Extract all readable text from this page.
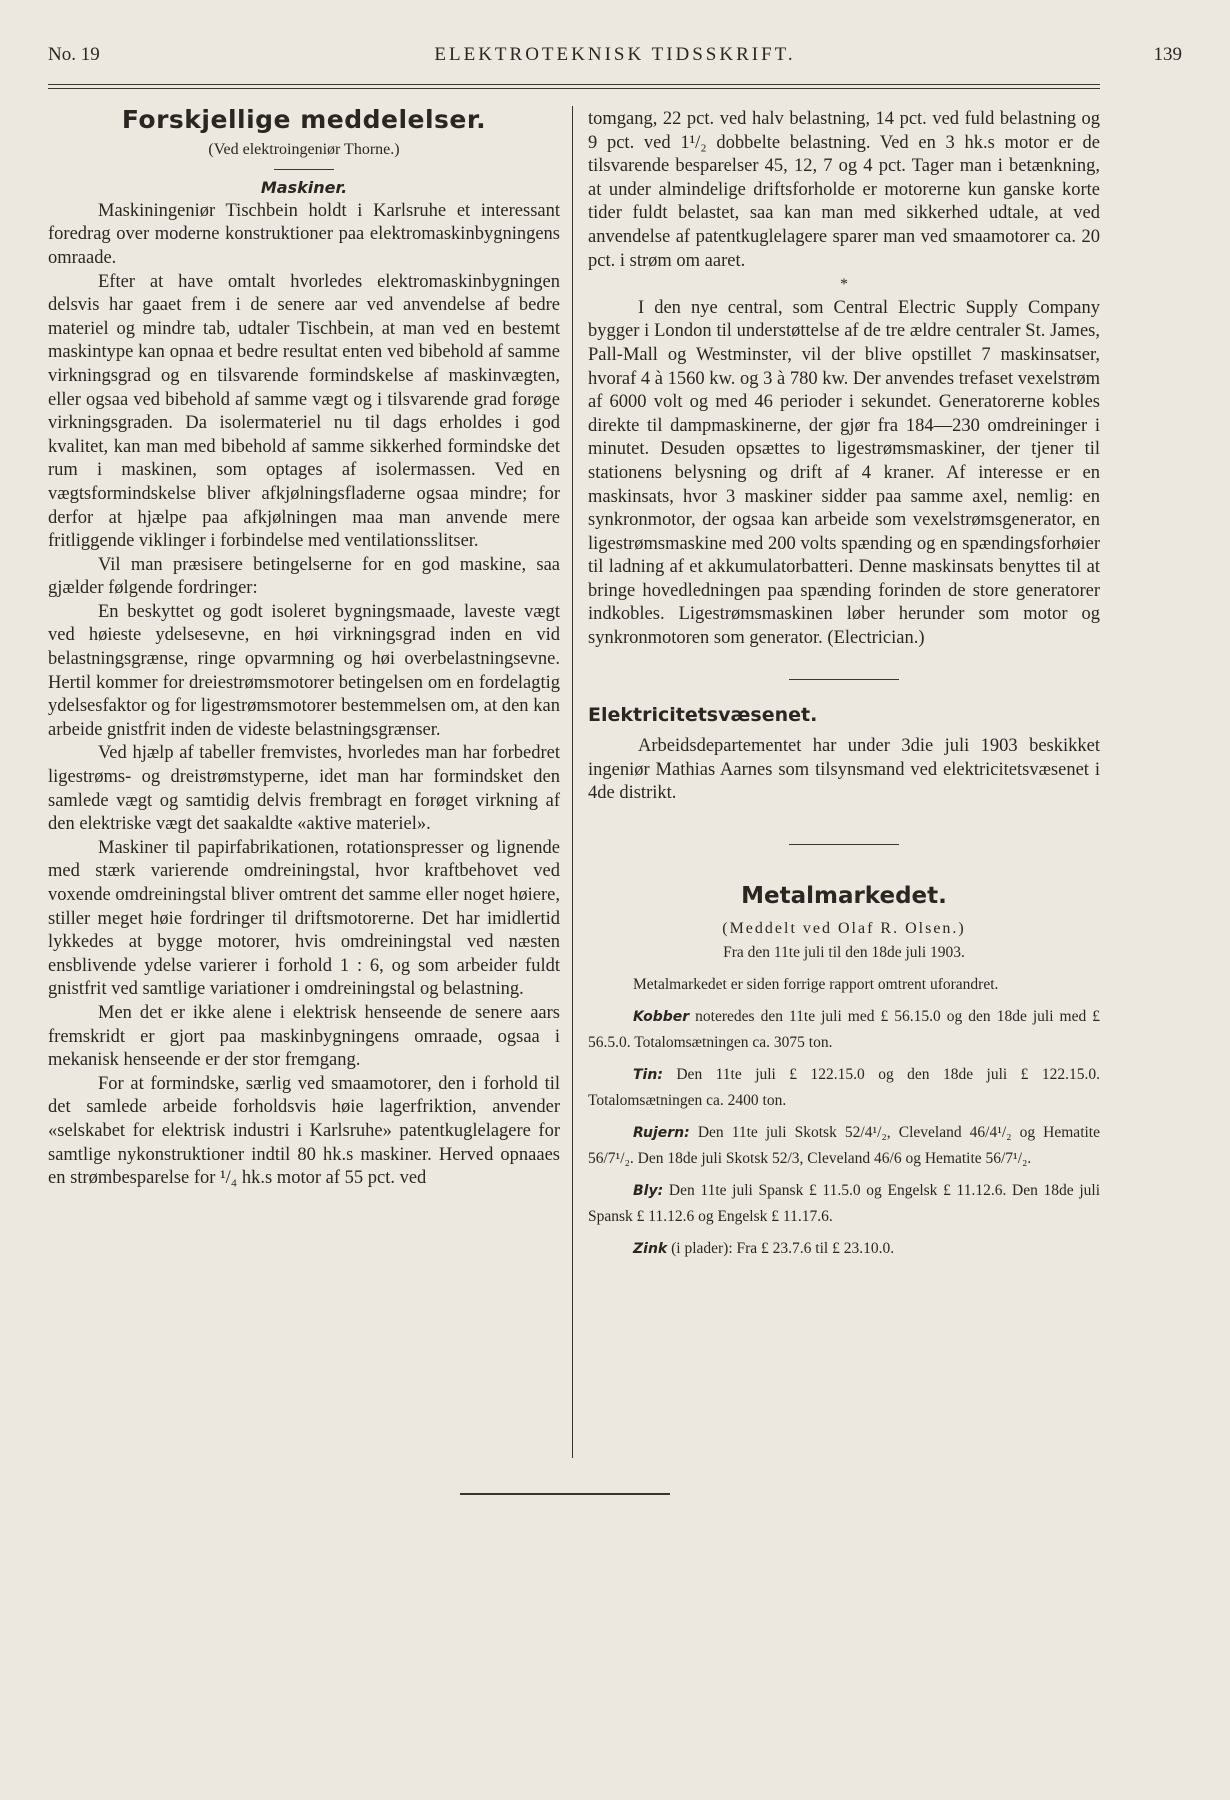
No. 19	ELEKTROTEKNISK TIDSSKRIFT.	139
Forskjellige meddelelser.

(Ved elektroingeniør Thorne.)

Maskiner.

Maskiningeniør Tischbein holdt i Karlsruhe et interessant foredrag over moderne konstruktioner paa elektromaskinbygningens omraade.

Efter at have omtalt hvorledes elektromaskinbygningen delsvis har gaaet frem i de senere aar ved anvendelse af bedre materiel og mindre tab, udtaler Tischbein, at man ved en bestemt maskintype kan opnaa et bedre resultat enten ved bibehold af samme virkningsgrad og en tilsvarende formindskelse af maskinvægten, eller ogsaa ved bibehold af samme vægt og i tilsvarende grad forøge virkningsgraden. Da isolermateriel nu til dags erholdes i god kvalitet, kan man med bibehold af samme sikkerhed formindske det rum i maskinen, som optages af isolermassen. Ved en vægtsformindskelse bliver afkjølningsfladerne ogsaa mindre; for derfor at hjælpe paa afkjølningen maa man anvende mere fritliggende viklinger i forbindelse med ventilationsslitser.

Vil man præsisere betingelserne for en god maskine, saa gjælder følgende fordringer:

En beskyttet og godt isoleret bygningsmaade, laveste vægt ved høieste ydelsesevne, en høi virkningsgrad inden en vid belastningsgrænse, ringe opvarmning og høi overbelastningsevne. Hertil kommer for dreiestrømsmotorer betingelsen om en fordelagtig ydelsesfaktor og for ligestrømsmotorer bestemmelsen om, at den kan arbeide gnistfrit inden de videste belastningsgrænser.

Ved hjælp af tabeller fremvistes, hvorledes man har forbedret ligestrøms- og dreistrømstyperne, idet man har formindsket den samlede vægt og samtidig delvis frembragt en forøget virkning af den elektriske vægt det saakaldte «aktive materiel».

Maskiner til papirfabrikationen, rotationspresser og lignende med stærk varierende omdreiningstal, hvor kraftbehovet ved voxende omdreiningstal bliver omtrent det samme eller noget høiere, stiller meget høie fordringer til driftsmotorerne. Det har imidlertid lykkedes at bygge motorer, hvis omdreiningstal ved næsten ensblivende ydelse varierer i forhold 1 : 6, og som arbeider fuldt gnistfrit ved samtlige variationer i omdreiningstal og belastning.

Men det er ikke alene i elektrisk henseende de senere aars fremskridt er gjort paa maskinbygningens omraade, ogsaa i mekanisk henseende er der stor fremgang.

For at formindske, særlig ved smaamotorer, den i forhold til det samlede arbeide forholdsvis høie lagerfriktion, anvender «selskabet for elektrisk industri i Karlsruhe» patentkuglelagere for samtlige nykonstruktioner indtil 80 hk.s maskiner. Herved opnaaes en strømbesparelse for ¹/₄ hk.s motor af 55 pct. ved

tomgang, 22 pct. ved halv belastning, 14 pct. ved fuld belastning og 9 pct. ved 1¹/₂ dobbelte belastning. Ved en 3 hk.s motor er de tilsvarende besparelser 45, 12, 7 og 4 pct. Tager man i betænkning, at under almindelige driftsforholde er motorerne kun ganske korte tider fuldt belastet, saa kan man med sikkerhed udtale, at ved anvendelse af patentkuglelagere sparer man ved smaamotorer ca. 20 pct. i strøm om aaret.

*

I den nye central, som Central Electric Supply Company bygger i London til understøttelse af de tre ældre centraler St. James, Pall-Mall og Westminster, vil der blive opstillet 7 maskinsatser, hvoraf 4 à 1560 kw. og 3 à 780 kw. Der anvendes trefaset vexelstrøm af 6000 volt og med 46 perioder i sekundet. Generatorerne kobles direkte til dampmaskinerne, der gjør fra 184—230 omdreininger i minutet. Desuden opsættes to ligestrømsmaskiner, der tjener til stationens belysning og drift af 4 kraner. Af interesse er en maskinsats, hvor 3 maskiner sidder paa samme axel, nemlig: en synkronmotor, der ogsaa kan arbeide som vexelstrømsgenerator, en ligestrømsmaskine med 200 volts spænding og en spændingsforhøier til ladning af et akkumulatorbatteri. Denne maskinsats benyttes til at bringe hovedledningen paa spænding forinden de store generatorer indkobles. Ligestrømsmaskinen løber herunder som motor og synkronmotoren som generator. (Electrician.)

Elektricitetsvæsenet.

Arbeidsdepartementet har under 3die juli 1903 beskikket ingeniør Mathias Aarnes som tilsynsmand ved elektricitetsvæsenet i 4de distrikt.

Metalmarkedet.

(Meddelt ved Olaf R. Olsen.)

Fra den 11te juli til den 18de juli 1903.

Metalmarkedet er siden forrige rapport omtrent uforandret.

Kobber noteredes den 11te juli med £ 56.15.0 og den 18de juli med £ 56.5.0. Totalomsætningen ca. 3075 ton.

Tin: Den 11te juli £ 122.15.0 og den 18de juli £ 122.15.0. Totalomsætningen ca. 2400 ton.

Rujern: Den 11te juli Skotsk 52/4¹/₂, Cleveland 46/4¹/₂ og Hematite 56/7¹/₂. Den 18de juli Skotsk 52/3, Cleveland 46/6 og Hematite 56/7¹/₂.

Bly: Den 11te juli Spansk £ 11.5.0 og Engelsk £ 11.12.6. Den 18de juli Spansk £ 11.12.6 og Engelsk £ 11.17.6.

Zink (i plader): Fra £ 23.7.6 til £ 23.10.0.
